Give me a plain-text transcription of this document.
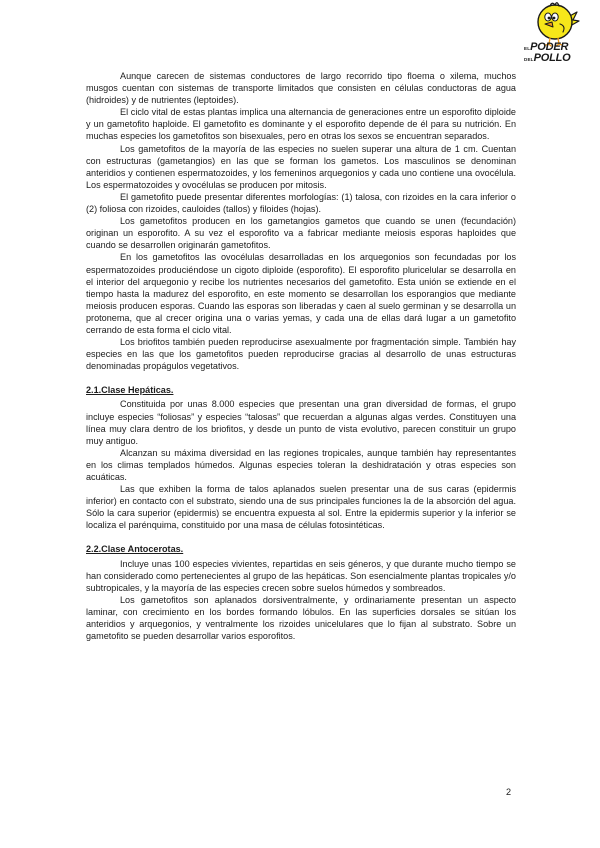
ELPODER
DELPOLLO

Aunque carecen de sistemas conductores de largo recorrido tipo floema o xilema, muchos musgos cuentan con sistemas de transporte limitados que consisten en células conductoras de agua (hidroides) y de nutrientes (leptoides).

El ciclo vital de estas plantas implica una alternancia de generaciones entre un esporofito diploide y un gametofito haploide. El gametofito es dominante y el esporofito depende de él para su nutrición. En muchas especies los gametofitos son bisexuales, pero en otras los sexos se encuentran separados.

Los gametofitos de la mayoría de las especies no suelen superar una altura de 1 cm. Cuentan con estructuras (gametangios) en las que se forman los gametos. Los masculinos se denominan anteridios y contienen espermatozoides, y los femeninos arquegonios y cada uno contiene una ovocélula. Los espermatozoides y ovocélulas se producen por mitosis.

El gametofito puede presentar diferentes morfologías: (1) talosa, con rizoides en la cara inferior o (2) foliosa con rizoides, cauloides (tallos) y filoides (hojas).

Los gametofitos producen en los gametangios gametos que cuando se unen (fecundación) originan un esporofito. A su vez el esporofito va a fabricar mediante meiosis esporas haploides que cuando se desarrollen originarán gametofitos.

En los gametofitos las ovocélulas desarrolladas en los arquegonios son fecundadas por los espermatozoides produciéndose un cigoto diploide (esporofito). El esporofito pluricelular se desarrolla en el interior del arquegonio y recibe los nutrientes necesarios del gametofito. Esta unión se extiende en el tiempo hasta la madurez del esporofito, en este momento se desarrollan los esporangios que mediante meiosis producen esporas. Cuando las esporas son liberadas y caen al suelo germinan y se desarrolla un protonema, que al crecer origina una o varias yemas, y cada una de ellas dará lugar a un gametofito cerrando de esta forma el ciclo vital.

Los briofitos también pueden reproducirse asexualmente por fragmentación simple. También hay especies en las que los gametofitos pueden reproducirse gracias al desarrollo de unas estructuras denominadas propágulos vegetativos.

2.1.Clase Hepáticas.

Constituida por unas 8.000 especies que presentan una gran diversidad de formas, el grupo incluye especies “foliosas” y especies “talosas” que recuerdan a algunas algas verdes. Constituyen una línea muy clara dentro de los briofitos, y desde un punto de vista evolutivo, parecen constituir un grupo muy antiguo.

Alcanzan su máxima diversidad en las regiones tropicales, aunque también hay representantes en los climas templados húmedos. Algunas especies toleran la deshidratación y otras especies son acuáticas.

Las que exhiben la forma de talos aplanados suelen presentar una de sus caras (epidermis inferior) en contacto con el substrato, siendo una de sus principales funciones la de la absorción del agua. Sólo la cara superior (epidermis) se encuentra expuesta al sol. Entre la epidermis superior y la inferior se localiza el parénquima, constituido por una masa de células fotosintéticas.

2.2.Clase Antocerotas.

Incluye unas 100 especies vivientes, repartidas en seis géneros, y que durante mucho tiempo se han considerado como pertenecientes al grupo de las hepáticas. Son esencialmente plantas tropicales y/o subtropicales, y la mayoría de las especies crecen sobre suelos húmedos y sombreados.

Los gametofitos son aplanados dorsiventralmente, y ordinariamente presentan un aspecto laminar, con crecimiento en los bordes formando lóbulos. En las superficies dorsales se sitúan los anteridios y arquegonios, y ventralmente los rizoides unicelulares que lo fijan al substrato. Sobre un gametofito se pueden desarrollar varios esporofitos.

2
